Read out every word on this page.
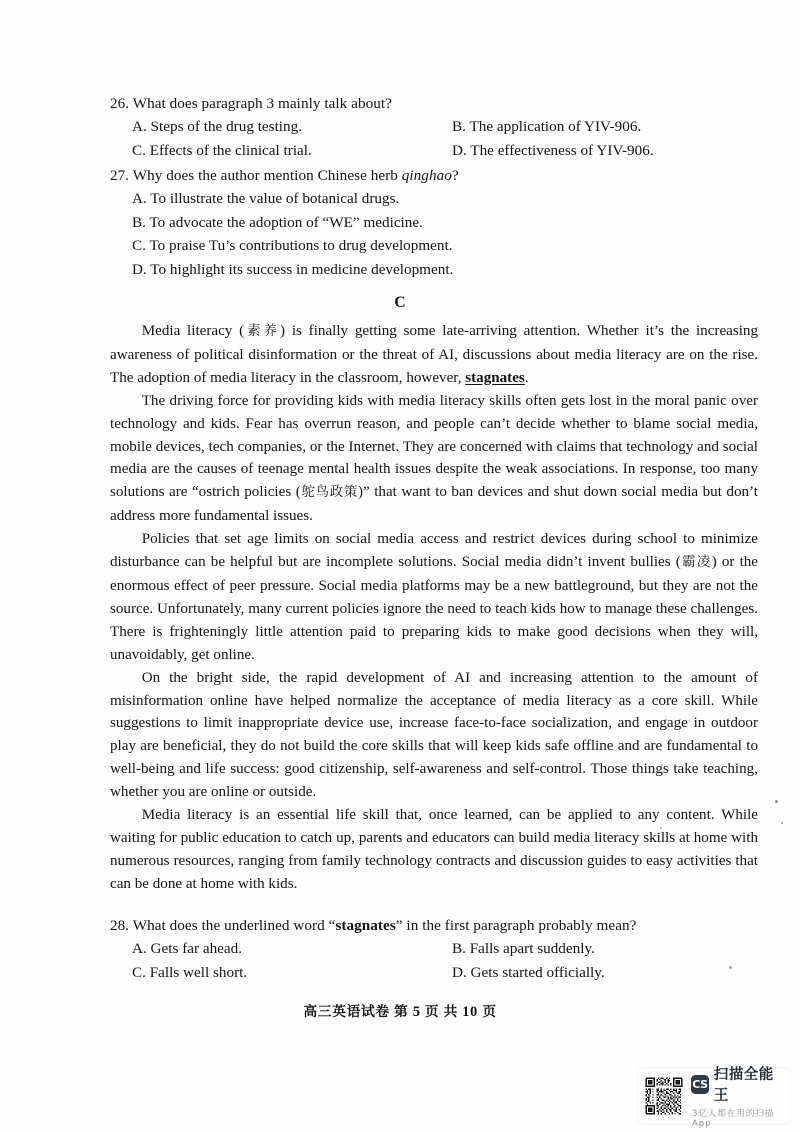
26. What does paragraph 3 mainly talk about?
A. Steps of the drug testing.	B. The application of YIV-906.
C. Effects of the clinical trial.	D. The effectiveness of YIV-906.
27. Why does the author mention Chinese herb qinghao?
A. To illustrate the value of botanical drugs.
B. To advocate the adoption of “WE” medicine.
C. To praise Tu’s contributions to drug development.
D. To highlight its success in medicine development.
C

Media literacy (素养) is finally getting some late-arriving attention. Whether it’s the increasing awareness of political disinformation or the threat of AI, discussions about media literacy are on the rise. The adoption of media literacy in the classroom, however, stagnates.

The driving force for providing kids with media literacy skills often gets lost in the moral panic over technology and kids. Fear has overrun reason, and people can’t decide whether to blame social media, mobile devices, tech companies, or the Internet. They are concerned with claims that technology and social media are the causes of teenage mental health issues despite the weak associations. In response, too many solutions are “ostrich policies (鸵鸟政策)” that want to ban devices and shut down social media but don’t address more fundamental issues.

Policies that set age limits on social media access and restrict devices during school to minimize disturbance can be helpful but are incomplete solutions. Social media didn’t invent bullies (霸凌) or the enormous effect of peer pressure. Social media platforms may be a new battleground, but they are not the source. Unfortunately, many current policies ignore the need to teach kids how to manage these challenges. There is frighteningly little attention paid to preparing kids to make good decisions when they will, unavoidably, get online.

On the bright side, the rapid development of AI and increasing attention to the amount of misinformation online have helped normalize the acceptance of media literacy as a core skill. While suggestions to limit inappropriate device use, increase face-to-face socialization, and engage in outdoor play are beneficial, they do not build the core skills that will keep kids safe offline and are fundamental to well-being and life success: good citizenship, self-awareness and self-control. Those things take teaching, whether you are online or outside.

Media literacy is an essential life skill that, once learned, can be applied to any content. While waiting for public education to catch up, parents and educators can build media literacy skills at home with numerous resources, ranging from family technology contracts and discussion guides to easy activities that can be done at home with kids.

28. What does the underlined word “stagnates” in the first paragraph probably mean?
A. Gets far ahead.	B. Falls apart suddenly.
C. Falls well short.	D. Gets started officially.
高三英语试卷 第 5 页 共 10 页
CS
扫描全能王
3亿人都在用的扫描App
